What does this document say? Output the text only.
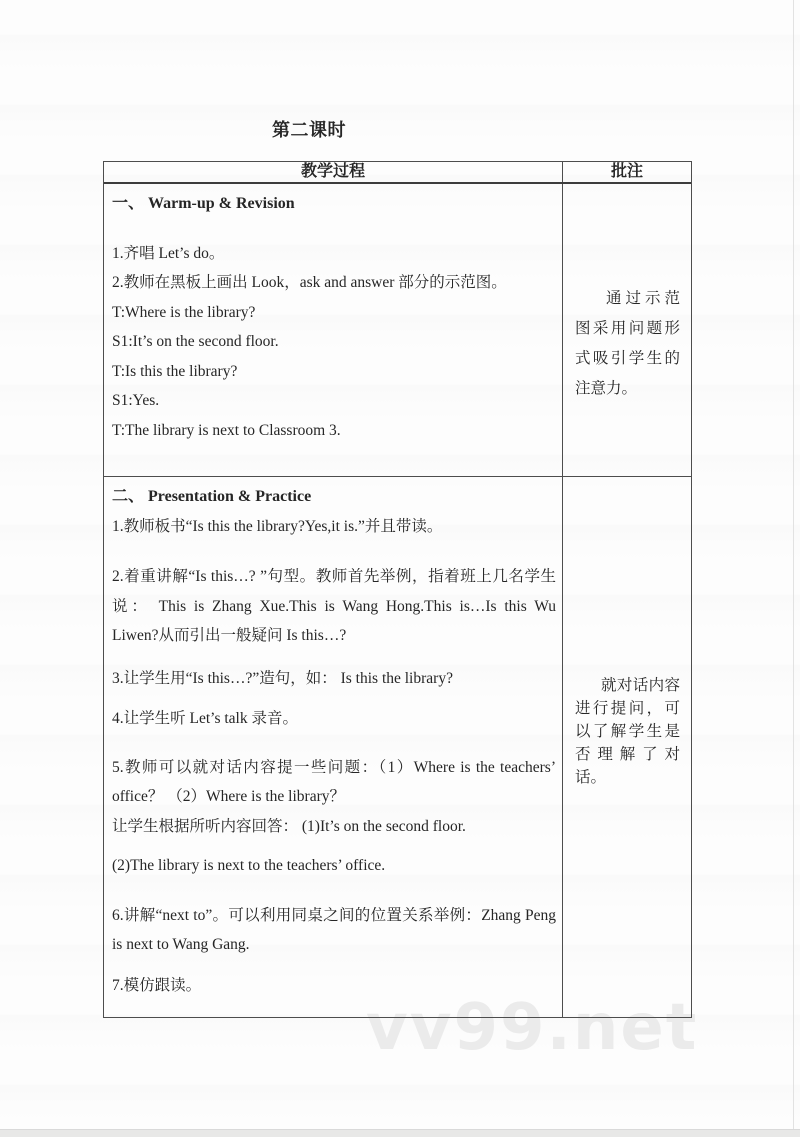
vv99.net
第二课时
教学过程	批注
一、 Warm-up & Revision

1.齐唱 Let’s do。

2.教师在黑板上画出 Look，ask and answer 部分的示范图。

T:Where is the library?

S1:It’s on the second floor.

T:Is this the library?

S1:Yes.

T:The library is next to Classroom 3.

通过示范图采用问题形式吸引学生的注意力。
二、 Presentation & Practice

1.教师板书“Is this the library?Yes,it is.”并且带读。

2.着重讲解“Is this…? ”句型。教师首先举例，指着班上几名学生说： This is Zhang Xue.This is Wang Hong.This is…Is this Wu Liwen?从而引出一般疑问 Is this…?

3.让学生用“Is this…?”造句，如： Is this the library?

4.让学生听 Let’s talk 录音。

5.教师可以就对话内容提一些问题：（1）Where is the teachers’ office？ （2）Where is the library？

让学生根据所听内容回答： (1)It’s on the second floor.

(2)The library is next to the teachers’ office.

6.讲解“next to”。可以利用同桌之间的位置关系举例：Zhang Peng is next to Wang Gang.

7.模仿跟读。

就对话内容进行提问，可以了解学生是否理解了对话。
